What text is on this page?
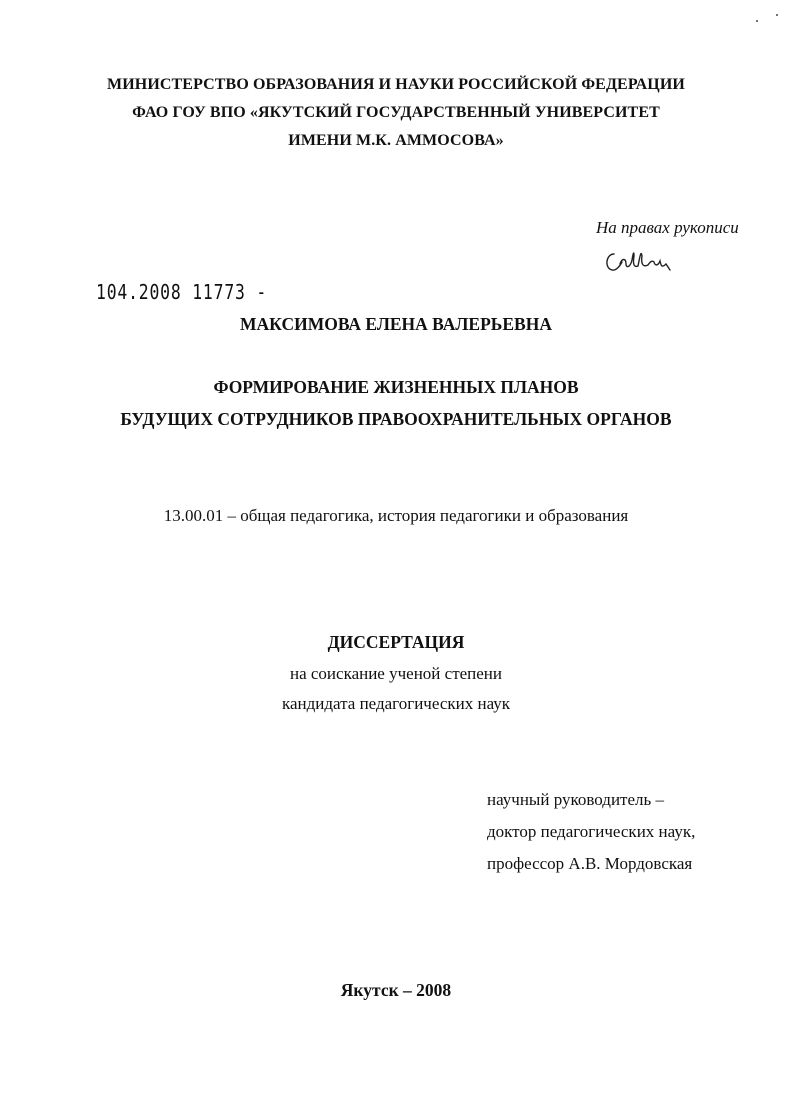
МИНИСТЕРСТВО ОБРАЗОВАНИЯ И НАУКИ РОССИЙСКОЙ ФЕДЕРАЦИИ
ФАО ГОУ ВПО «ЯКУТСКИЙ ГОСУДАРСТВЕННЫЙ УНИВЕРСИТЕТ
ИМЕНИ М.К. АММОСОВА»
На правах рукописи
104.2008 11773 -
МАКСИМОВА ЕЛЕНА ВАЛЕРЬЕВНА
ФОРМИРОВАНИЕ ЖИЗНЕННЫХ ПЛАНОВ
БУДУЩИХ СОТРУДНИКОВ ПРАВООХРАНИТЕЛЬНЫХ ОРГАНОВ
13.00.01 – общая педагогика, история педагогики и образования
ДИССЕРТАЦИЯ
на соискание ученой степени
кандидата педагогических наук
научный руководитель –
доктор педагогических наук,
профессор А.В. Мордовская
Якутск – 2008
